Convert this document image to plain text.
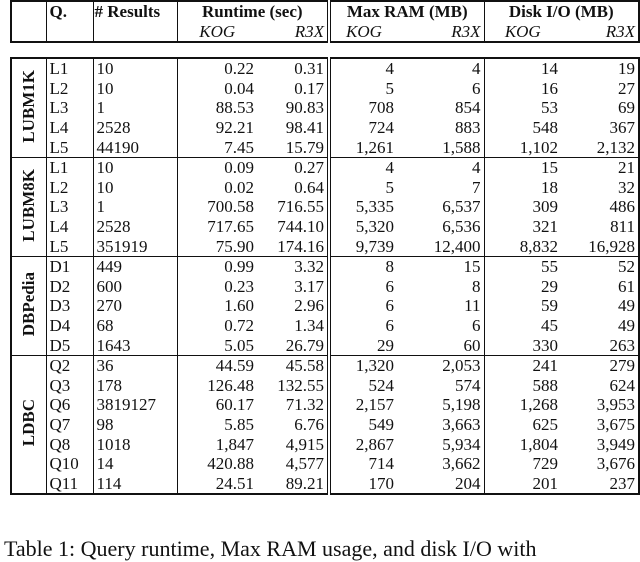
	Q.	# Results	Runtime (sec)		Max RAM (MB)		Disk I/O (MB)	
			KOG	R3X	KOG	R3X	KOG	R3X
LUBM1K	L1	10	0.22	0.31	4	4	14	19
	L2	10	0.04	0.17	5	6	16	27
	L3	1	88.53	90.83	708	854	53	69
	L4	2528	92.21	98.41	724	883	548	367
	L5	44190	7.45	15.79	1,261	1,588	1,102	2,132
LUBM8K	L1	10	0.09	0.27	4	4	15	21
	L2	10	0.02	0.64	5	7	18	32
	L3	1	700.58	716.55	5,335	6,537	309	486
	L4	2528	717.65	744.10	5,320	6,536	321	811
	L5	351919	75.90	174.16	9,739	12,400	8,832	16,928
DBPedia	D1	449	0.99	3.32	8	15	55	52
	D2	600	0.23	3.17	6	8	29	61
	D3	270	1.60	2.96	6	11	59	49
	D4	68	0.72	1.34	6	6	45	49
	D5	1643	5.05	26.79	29	60	330	263
LDBC	Q2	36	44.59	45.58	1,320	2,053	241	279
	Q3	178	126.48	132.55	524	574	588	624
	Q6	3819127	60.17	71.32	2,157	5,198	1,268	3,953
	Q7	98	5.85	6.76	549	3,663	625	3,675
	Q8	1018	1,847	4,915	2,867	5,934	1,804	3,949
	Q10	14	420.88	4,577	714	3,662	729	3,676
	Q11	114	24.51	89.21	170	204	201	237
Table 1: Query runtime, Max RAM usage, and disk I/O with
